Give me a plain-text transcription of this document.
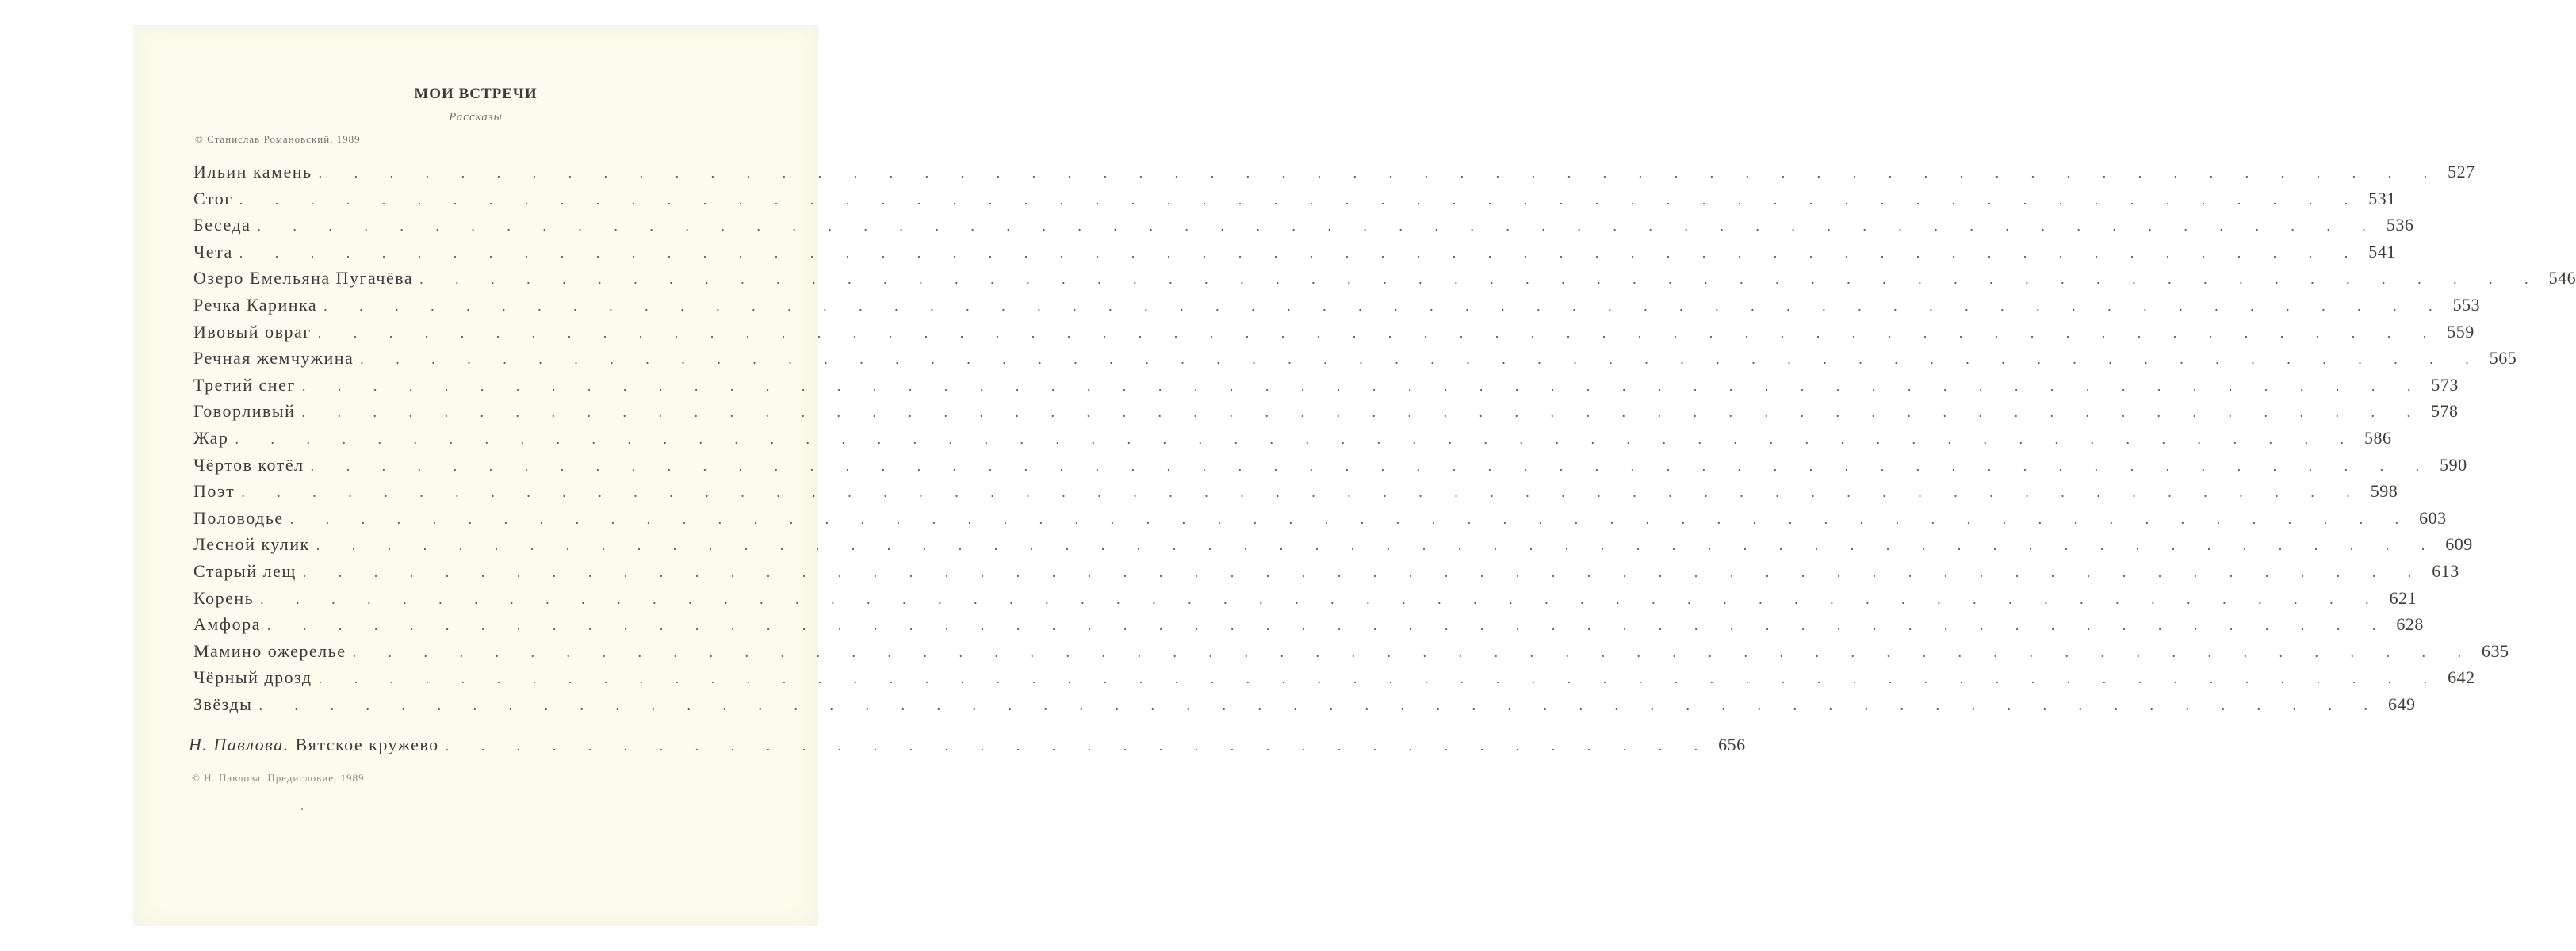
МОИ ВСТРЕЧИ
Рассказы
© Станислав Романовский, 1989
Ильин камень . . . . . . . . . . . . . . . . . . . . . . . . . . . . . . . . . . . . . . . . . . . . . . . . . . . . . . . . . . . . 527
Стог . . . . . . . . . . . . . . . . . . . . . . . . . . . . . . . . . . . . . . . . . . . . . . . . . . . . . . . . . . . . 531
Беседа . . . . . . . . . . . . . . . . . . . . . . . . . . . . . . . . . . . . . . . . . . . . . . . . . . . . . . . . . . . . 536
Чета . . . . . . . . . . . . . . . . . . . . . . . . . . . . . . . . . . . . . . . . . . . . . . . . . . . . . . . . . . . . 541
Озеро Емельяна Пугачёва . . . . . . . . . . . . . . . . . . . . . . . . . . . . . . . . . . . . . . . . . . . . . . . . . . . . . . . . . . . . 546
Речка Каринка . . . . . . . . . . . . . . . . . . . . . . . . . . . . . . . . . . . . . . . . . . . . . . . . . . . . . . . . . . . . 553
Ивовый овраг . . . . . . . . . . . . . . . . . . . . . . . . . . . . . . . . . . . . . . . . . . . . . . . . . . . . . . . . . . . . 559
Речная жемчужина . . . . . . . . . . . . . . . . . . . . . . . . . . . . . . . . . . . . . . . . . . . . . . . . . . . . . . . . . . . . 565
Третий снег . . . . . . . . . . . . . . . . . . . . . . . . . . . . . . . . . . . . . . . . . . . . . . . . . . . . . . . . . . . . 573
Говорливый . . . . . . . . . . . . . . . . . . . . . . . . . . . . . . . . . . . . . . . . . . . . . . . . . . . . . . . . . . . . 578
Жар . . . . . . . . . . . . . . . . . . . . . . . . . . . . . . . . . . . . . . . . . . . . . . . . . . . . . . . . . . . . 586
Чёртов котёл . . . . . . . . . . . . . . . . . . . . . . . . . . . . . . . . . . . . . . . . . . . . . . . . . . . . . . . . . . . . 590
Поэт . . . . . . . . . . . . . . . . . . . . . . . . . . . . . . . . . . . . . . . . . . . . . . . . . . . . . . . . . . . . 598
Половодье . . . . . . . . . . . . . . . . . . . . . . . . . . . . . . . . . . . . . . . . . . . . . . . . . . . . . . . . . . . . 603
Лесной кулик . . . . . . . . . . . . . . . . . . . . . . . . . . . . . . . . . . . . . . . . . . . . . . . . . . . . . . . . . . . . 609
Старый лещ . . . . . . . . . . . . . . . . . . . . . . . . . . . . . . . . . . . . . . . . . . . . . . . . . . . . . . . . . . . . 613
Корень . . . . . . . . . . . . . . . . . . . . . . . . . . . . . . . . . . . . . . . . . . . . . . . . . . . . . . . . . . . . 621
Амфора . . . . . . . . . . . . . . . . . . . . . . . . . . . . . . . . . . . . . . . . . . . . . . . . . . . . . . . . . . . . 628
Мамино ожерелье . . . . . . . . . . . . . . . . . . . . . . . . . . . . . . . . . . . . . . . . . . . . . . . . . . . . . . . . . . . . 635
Чёрный дрозд . . . . . . . . . . . . . . . . . . . . . . . . . . . . . . . . . . . . . . . . . . . . . . . . . . . . . . . . . . . . 642
Звёзды . . . . . . . . . . . . . . . . . . . . . . . . . . . . . . . . . . . . . . . . . . . . . . . . . . . . . . . . . . . . 649
Н. Павлова. Вятское кружево . . . . . . . . . . . . . . . . . . . . . . . . . . . . . . . . . . . . 656
© Н. Павлова. Предисловие, 1989
